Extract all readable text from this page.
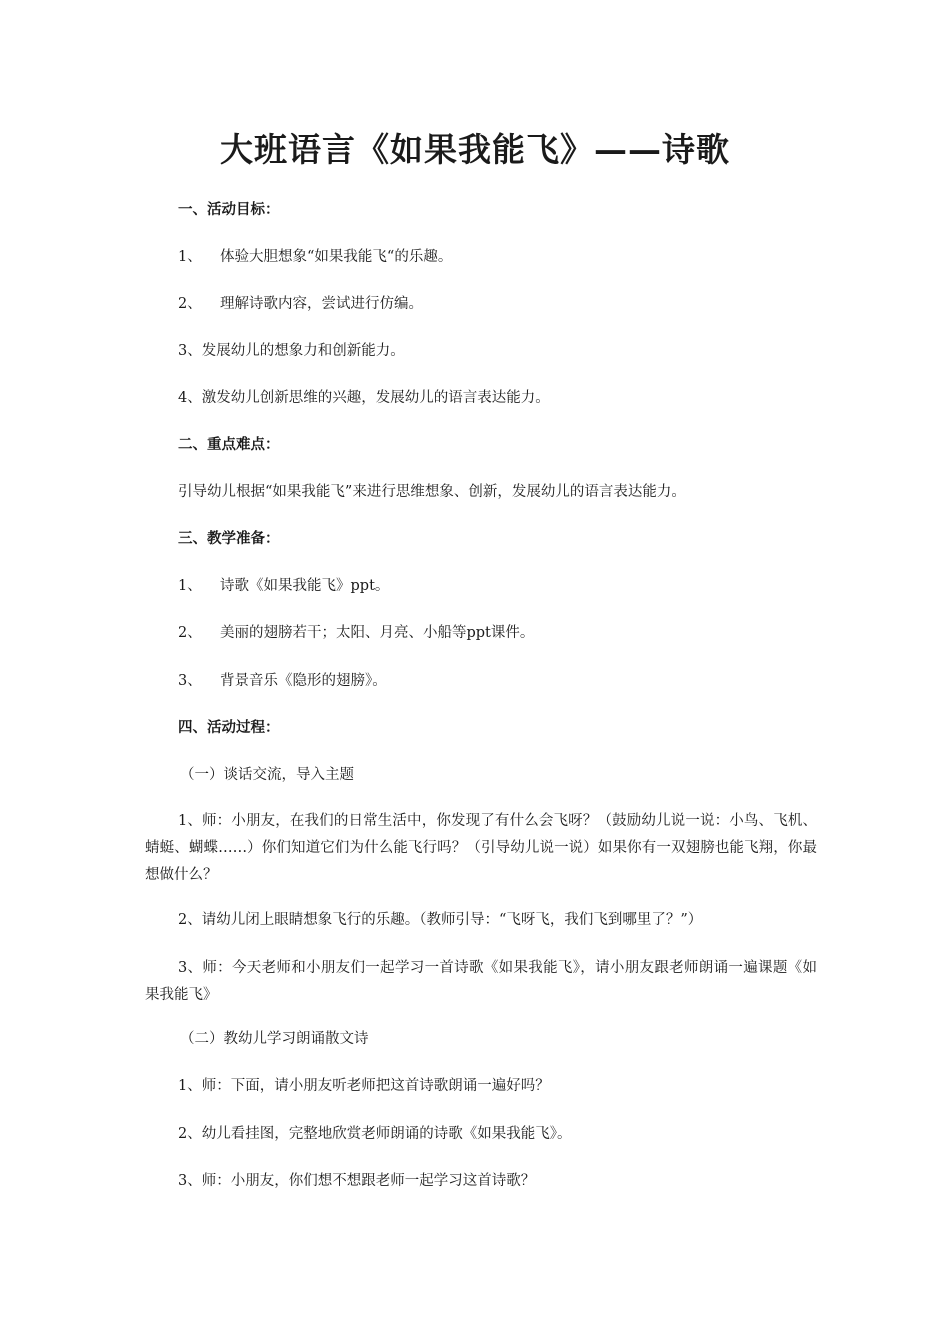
大班语言《如果我能飞》——诗歌

一、活动目标：

1、 体验大胆想象“如果我能飞“的乐趣。

2、 理解诗歌内容，尝试进行仿编。

3、发展幼儿的想象力和创新能力。

4、激发幼儿创新思维的兴趣，发展幼儿的语言表达能力。

二、重点难点：

引导幼儿根据“如果我能飞”来进行思维想象、创新，发展幼儿的语言表达能力。

三、教学准备：

1、 诗歌《如果我能飞》ppt。

2、 美丽的翅膀若干；太阳、月亮、小船等ppt课件。

3、 背景音乐《隐形的翅膀》。

四、活动过程：

（一）谈话交流，导入主题

1、师：小朋友，在我们的日常生活中，你发现了有什么会飞呀？（鼓励幼儿说一说：小鸟、飞机、蜻蜓、蝴蝶……）你们知道它们为什么能飞行吗？（引导幼儿说一说）如果你有一双翅膀也能飞翔，你最想做什么？

2、请幼儿闭上眼睛想象飞行的乐趣。（教师引导：“飞呀飞，我们飞到哪里了？”）

3、师：今天老师和小朋友们一起学习一首诗歌《如果我能飞》，请小朋友跟老师朗诵一遍课题《如果我能飞》

（二）教幼儿学习朗诵散文诗

1、师：下面，请小朋友听老师把这首诗歌朗诵一遍好吗？

2、幼儿看挂图，完整地欣赏老师朗诵的诗歌《如果我能飞》。

3、师：小朋友，你们想不想跟老师一起学习这首诗歌？
